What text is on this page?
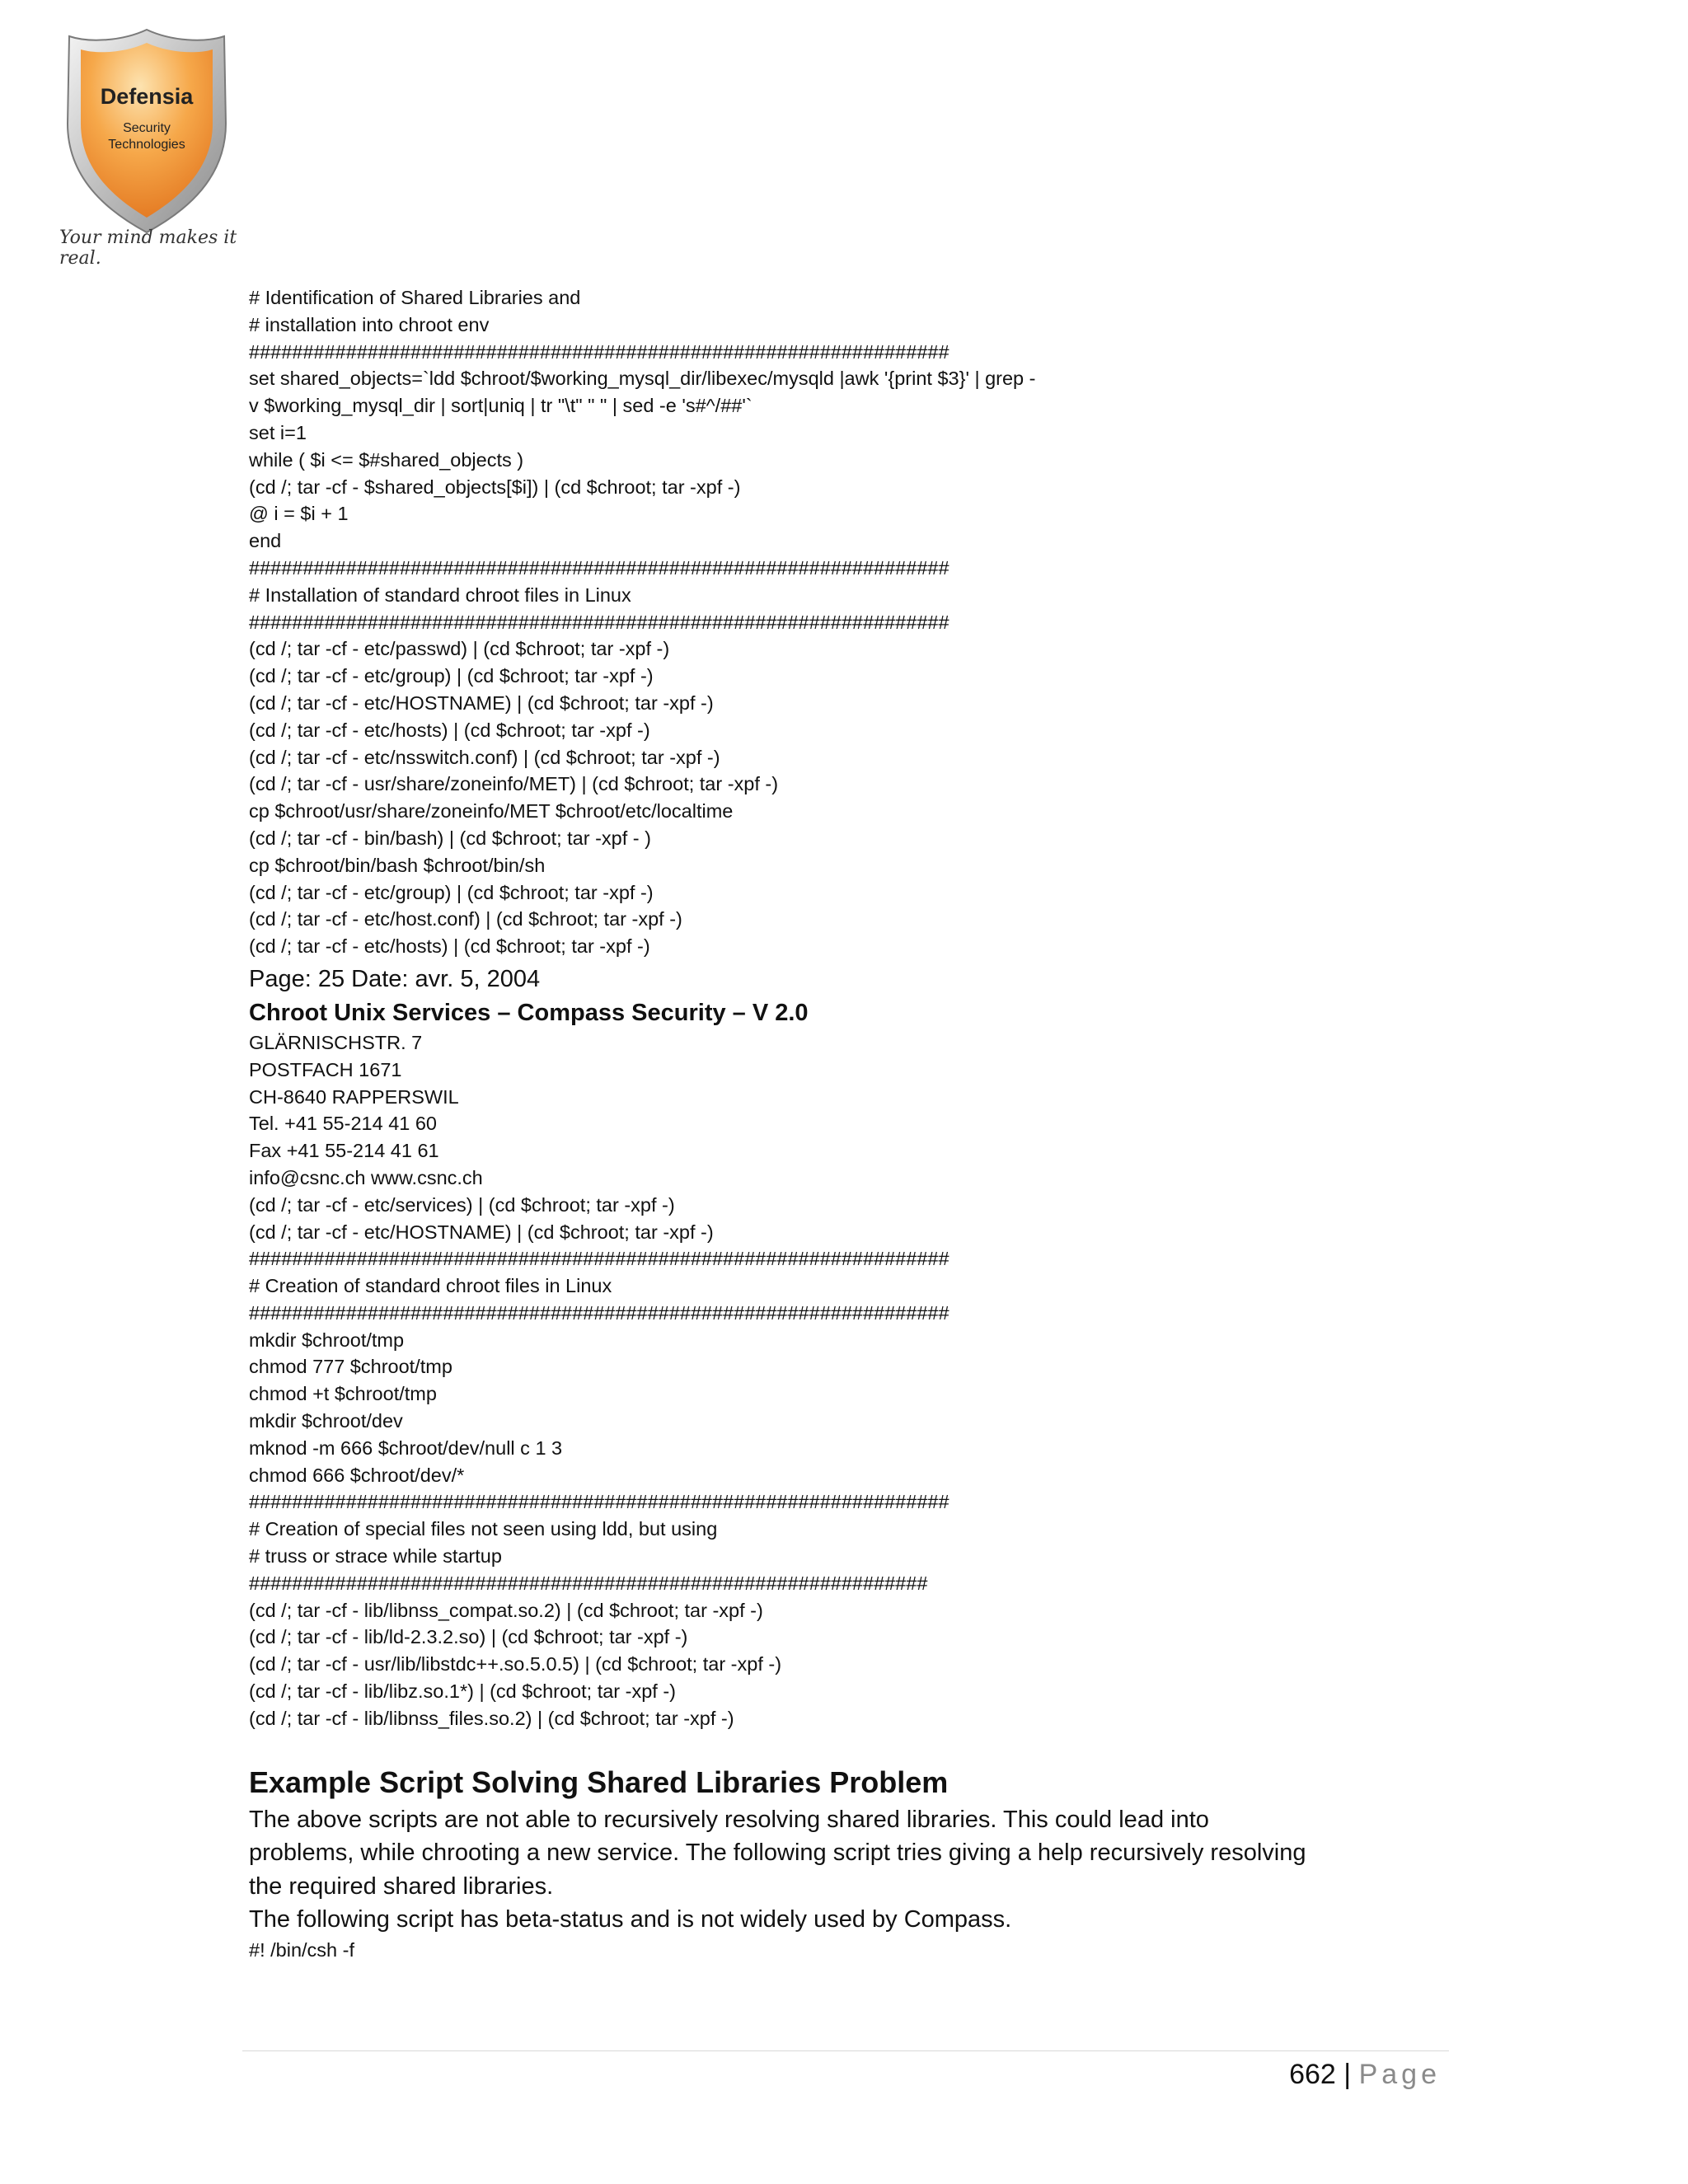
Defensia
Security
Technologies
Your mind makes it real.
# Identification of Shared Libraries and
# installation into chroot env
#################################################################
set shared_objects=`ldd $chroot/$working_mysql_dir/libexec/mysqld |awk '{print $3}' | grep -
v $working_mysql_dir | sort|uniq | tr "\t" " " | sed -e 's#^/##'`
set i=1
while ( $i <= $#shared_objects )
(cd /; tar -cf - $shared_objects[$i]) | (cd $chroot; tar -xpf -)
@ i = $i + 1
end
#################################################################
# Installation of standard chroot files in Linux
#################################################################
(cd /; tar -cf - etc/passwd) | (cd $chroot; tar -xpf -)
(cd /; tar -cf - etc/group) | (cd $chroot; tar -xpf -)
(cd /; tar -cf - etc/HOSTNAME) | (cd $chroot; tar -xpf -)
(cd /; tar -cf - etc/hosts) | (cd $chroot; tar -xpf -)
(cd /; tar -cf - etc/nsswitch.conf) | (cd $chroot; tar -xpf -)
(cd /; tar -cf - usr/share/zoneinfo/MET) | (cd $chroot; tar -xpf -)
cp $chroot/usr/share/zoneinfo/MET $chroot/etc/localtime
(cd /; tar -cf - bin/bash) | (cd $chroot; tar -xpf - )
cp $chroot/bin/bash $chroot/bin/sh
(cd /; tar -cf - etc/group) | (cd $chroot; tar -xpf -)
(cd /; tar -cf - etc/host.conf) | (cd $chroot; tar -xpf -)
(cd /; tar -cf - etc/hosts) | (cd $chroot; tar -xpf -)
Page: 25 Date: avr. 5, 2004
Chroot Unix Services – Compass Security – V 2.0
GLÄRNISCHSTR. 7
POSTFACH 1671
CH-8640 RAPPERSWIL
Tel. +41 55-214 41 60
Fax +41 55-214 41 61
info@csnc.ch www.csnc.ch
(cd /; tar -cf - etc/services) | (cd $chroot; tar -xpf -)
(cd /; tar -cf - etc/HOSTNAME) | (cd $chroot; tar -xpf -)
#################################################################
# Creation of standard chroot files in Linux
#################################################################
mkdir $chroot/tmp
chmod 777 $chroot/tmp
chmod +t $chroot/tmp
mkdir $chroot/dev
mknod -m 666 $chroot/dev/null c 1 3
chmod 666 $chroot/dev/*
#################################################################
# Creation of special files not seen using ldd, but using
# truss or strace while startup
###############################################################
(cd /; tar -cf - lib/libnss_compat.so.2) | (cd $chroot; tar -xpf -)
(cd /; tar -cf - lib/ld-2.3.2.so) | (cd $chroot; tar -xpf -)
(cd /; tar -cf - usr/lib/libstdc++.so.5.0.5) | (cd $chroot; tar -xpf -)
(cd /; tar -cf - lib/libz.so.1*) | (cd $chroot; tar -xpf -)
(cd /; tar -cf - lib/libnss_files.so.2) | (cd $chroot; tar -xpf -)
Example Script Solving Shared Libraries Problem

The above scripts are not able to recursively resolving shared libraries. This could lead into problems, while chrooting a new service. The following script tries giving a help recursively resolving the required shared libraries.

The following script has beta-status and is not widely used by Compass.

#! /bin/csh -f
662 | Page
